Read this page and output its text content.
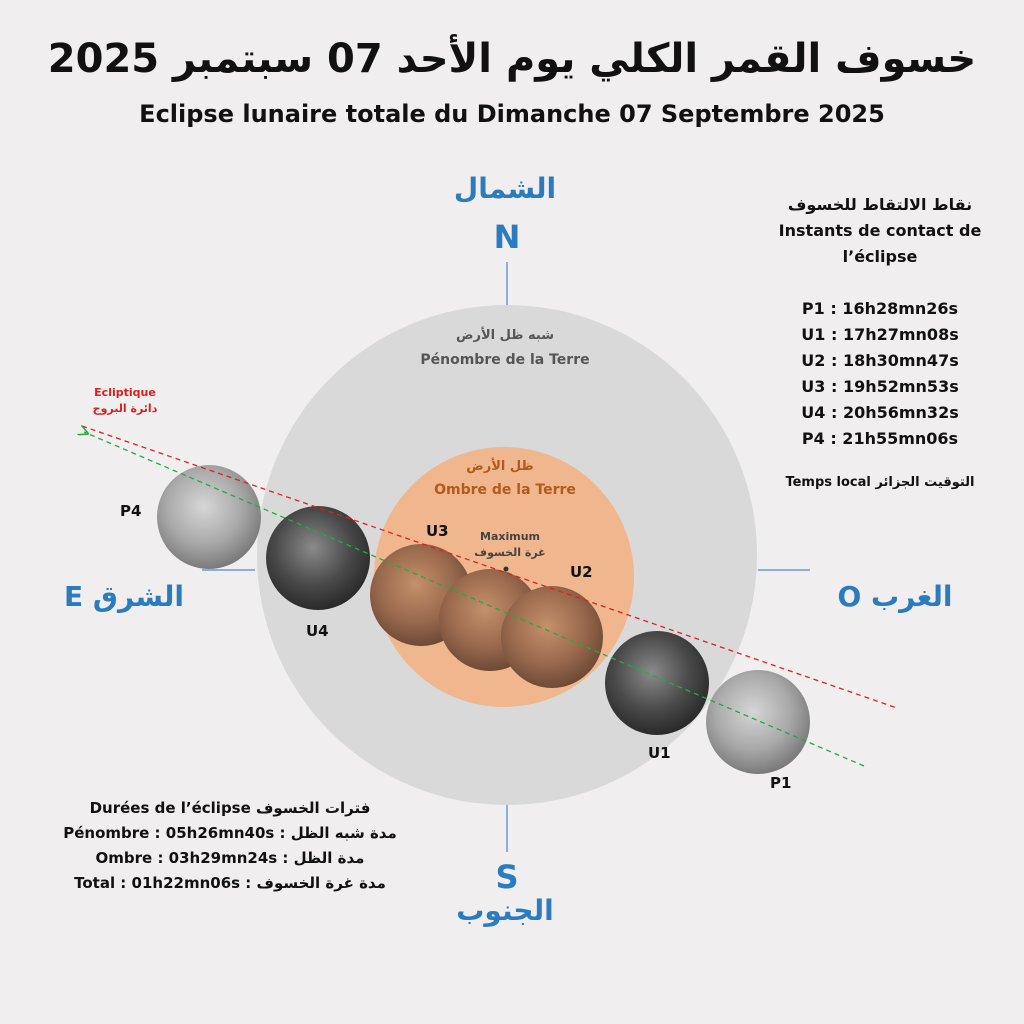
خسوف القمر الكلي يوم الأحد 07 سبتمبر 2025
Eclipse lunaire totale du Dimanche 07 Septembre 2025
الشمال
N
S
الجنوب
E الشرق	O الغرب
شبه ظل الأرض
Pénombre de la Terre
ظل الأرض
Ombre de la Terre
Maximum
غرة الخسوف
Ecliptique
دائرة البروج
P4
U4
U3
U2
U1
P1
نقاط الالتقاط للخسوف
Instants de contact de
l’éclipse
P1 : 16h28mn26s
U1 : 17h27mn08s
U2 : 18h30mn47s
U3 : 19h52mn53s
U4 : 20h56mn32s
P4 : 21h55mn06s
Temps local التوقيت الجزائر
Durées de l’éclipse فترات الخسوف
Pénombre : 05h26mn40s : مدة شبه الظل
Ombre : 03h29mn24s : مدة الظل
Total : 01h22mn06s : مدة غرة الخسوف
